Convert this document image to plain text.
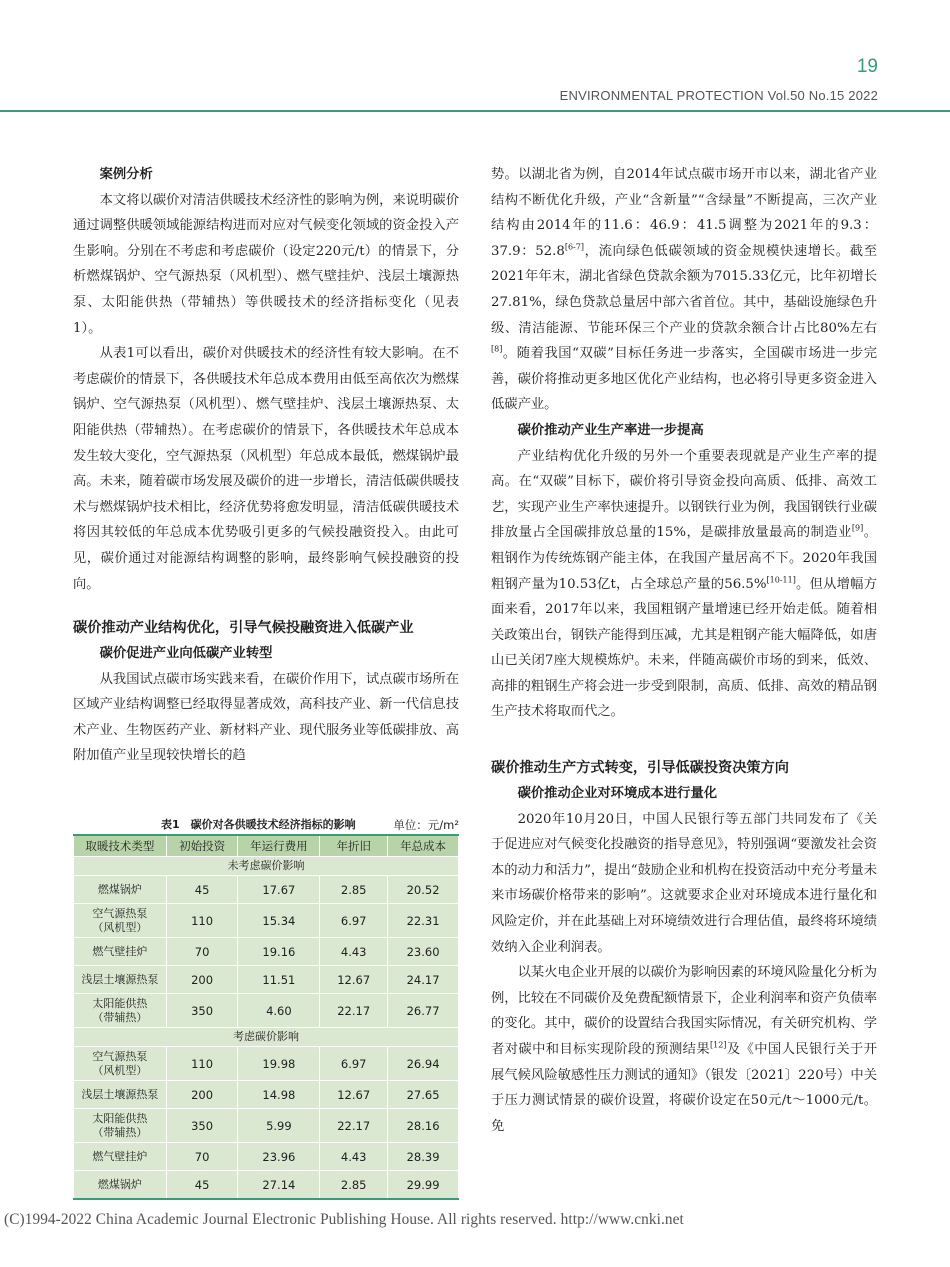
19
ENVIRONMENTAL PROTECTION Vol.50 No.15 2022

案例分析

本文将以碳价对清洁供暖技术经济性的影响为例，来说明碳价通过调整供暖领域能源结构进而对应对气候变化领域的资金投入产生影响。分别在不考虑和考虑碳价（设定220元/t）的情景下，分析燃煤锅炉、空气源热泵（风机型）、燃气壁挂炉、浅层土壤源热泵、太阳能供热（带辅热）等供暖技术的经济指标变化（见表1）。

从表1可以看出，碳价对供暖技术的经济性有较大影响。在不考虑碳价的情景下，各供暖技术年总成本费用由低至高依次为燃煤锅炉、空气源热泵（风机型）、燃气壁挂炉、浅层土壤源热泵、太阳能供热（带辅热）。在考虑碳价的情景下，各供暖技术年总成本发生较大变化，空气源热泵（风机型）年总成本最低，燃煤锅炉最高。未来，随着碳市场发展及碳价的进一步增长，清洁低碳供暖技术与燃煤锅炉技术相比，经济优势将愈发明显，清洁低碳供暖技术将因其较低的年总成本优势吸引更多的气候投融资投入。由此可见，碳价通过对能源结构调整的影响，最终影响气候投融资的投向。

碳价推动产业结构优化，引导气候投融资进入低碳产业

碳价促进产业向低碳产业转型

从我国试点碳市场实践来看，在碳价作用下，试点碳市场所在区域产业结构调整已经取得显著成效，高科技产业、新一代信息技术产业、生物医药产业、新材料产业、现代服务业等低碳排放、高附加值产业呈现较快增长的趋

表1　碳价对各供暖技术经济指标的影响	单位：元/m²
取暖技术类型	初始投资	年运行费用	年折旧	年总成本
未考虑碳价影响				
燃煤锅炉	45	17.67	2.85	20.52
空气源热泵
（风机型）	110	15.34	6.97	22.31
燃气壁挂炉	70	19.16	4.43	23.60
浅层土壤源热泵	200	11.51	12.67	24.17
太阳能供热
（带辅热）	350	4.60	22.17	26.77
考虑碳价影响				
空气源热泵
（风机型）	110	19.98	6.97	26.94
浅层土壤源热泵	200	14.98	12.67	27.65
太阳能供热
（带辅热）	350	5.99	22.17	28.16
燃气壁挂炉	70	23.96	4.43	28.39
燃煤锅炉	45	27.14	2.85	29.99

势。以湖北省为例，自2014年试点碳市场开市以来，湖北省产业结构不断优化升级，产业“含新量”“含绿量”不断提高，三次产业结构由2014年的11.6：46.9：41.5调整为2021年的9.3：37.9：52.8[6-7]，流向绿色低碳领域的资金规模快速增长。截至2021年年末，湖北省绿色贷款余额为7015.33亿元，比年初增长27.81%，绿色贷款总量居中部六省首位。其中，基础设施绿色升级、清洁能源、节能环保三个产业的贷款余额合计占比80%左右[8]。随着我国“双碳”目标任务进一步落实，全国碳市场进一步完善，碳价将推动更多地区优化产业结构，也必将引导更多资金进入低碳产业。

碳价推动产业生产率进一步提高

产业结构优化升级的另外一个重要表现就是产业生产率的提高。在“双碳”目标下，碳价将引导资金投向高质、低排、高效工艺，实现产业生产率快速提升。以钢铁行业为例，我国钢铁行业碳排放量占全国碳排放总量的15%，是碳排放量最高的制造业[9]。粗钢作为传统炼钢产能主体，在我国产量居高不下。2020年我国粗钢产量为10.53亿t，占全球总产量的56.5%[10-11]。但从增幅方面来看，2017年以来，我国粗钢产量增速已经开始走低。随着相关政策出台，钢铁产能得到压减，尤其是粗钢产能大幅降低，如唐山已关闭7座大规模炼炉。未来，伴随高碳价市场的到来，低效、高排的粗钢生产将会进一步受到限制，高质、低排、高效的精品钢生产技术将取而代之。

碳价推动生产方式转变，引导低碳投资决策方向

碳价推动企业对环境成本进行量化

2020年10月20日，中国人民银行等五部门共同发布了《关于促进应对气候变化投融资的指导意见》，特别强调“要激发社会资本的动力和活力”，提出“鼓励企业和机构在投资活动中充分考量未来市场碳价格带来的影响”。这就要求企业对环境成本进行量化和风险定价，并在此基础上对环境绩效进行合理估值，最终将环境绩效纳入企业利润表。

以某火电企业开展的以碳价为影响因素的环境风险量化分析为例，比较在不同碳价及免费配额情景下，企业利润率和资产负债率的变化。其中，碳价的设置结合我国实际情况，有关研究机构、学者对碳中和目标实现阶段的预测结果[12]及《中国人民银行关于开展气候风险敏感性压力测试的通知》（银发〔2021〕220号）中关于压力测试情景的碳价设置，将碳价设定在50元/t～1000元/t。免

(C)1994-2022 China Academic Journal Electronic Publishing House. All rights reserved. http://www.cnki.net
